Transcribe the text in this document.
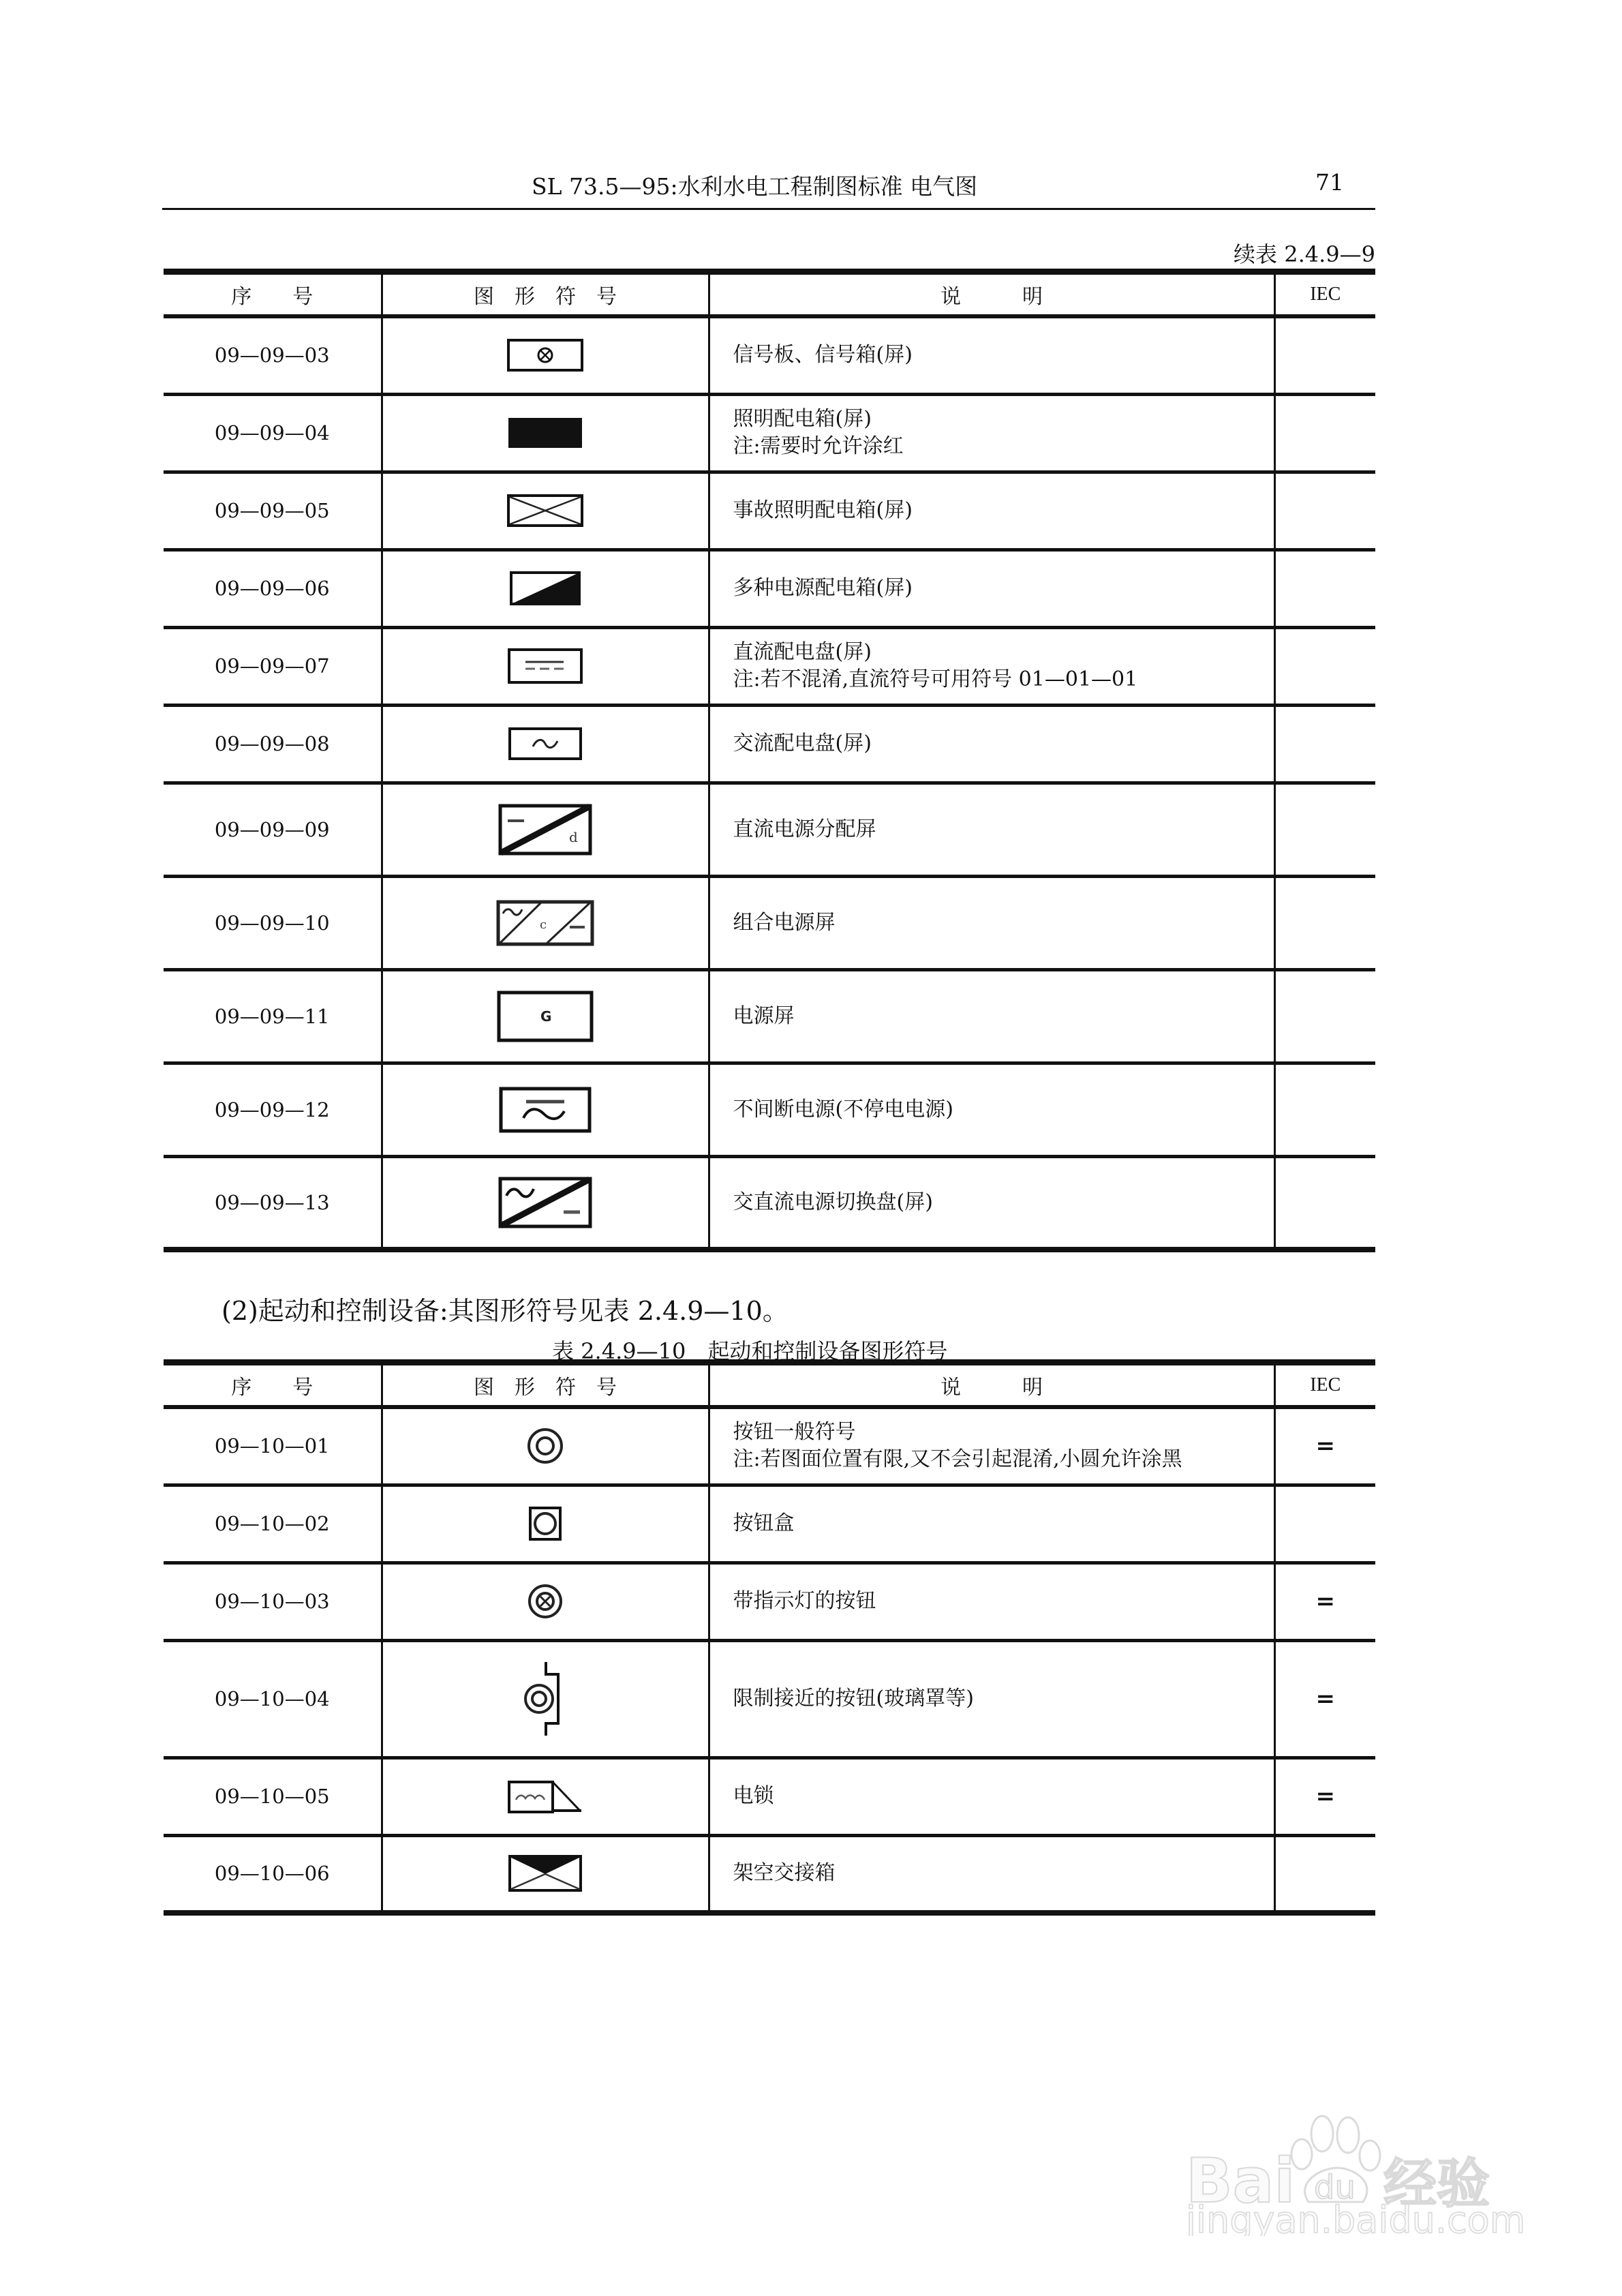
SL 73.5—95:水利水电工程制图标准 电气图	71
续表 2.4.9—9
序　　号	图　形　符　号	说　　　明	IEC
09—09—03		信号板、信号箱(屏)	
09—09—04		照明配电箱(屏)
注:需要时允许涂红	

09—09—05		事故照明配电箱(屏)	
09—09—06		多种电源配电箱(屏)	
09—09—07		直流配电盘(屏)
注:若不混淆,直流符号可用符号 01—01—01	

09—09—08		交流配电盘(屏)	
09—09—09	d	直流电源分配屏	
09—09—10	c	组合电源屏	
09—09—11	G	电源屏	
09—09—12		不间断电源(不停电电源)	
09—09—13		交直流电源切换盘(屏)	
(2)起动和控制设备:其图形符号见表 2.4.9—10。
表 2.4.9—10　起动和控制设备图形符号
序　　号	图　形　符　号	说　　　明	IEC
09—10—01		按钮一般符号
注:若图面位置有限,又不会引起混淆,小圆允许涂黑	=
09—10—02		按钮盒	
09—10—03		带指示灯的按钮	=
09—10—04		限制接近的按钮(玻璃罩等)	=
09—10—05		电锁	=
09—10—06		架空交接箱	
Bai du 经验
jingyan.baidu.com
